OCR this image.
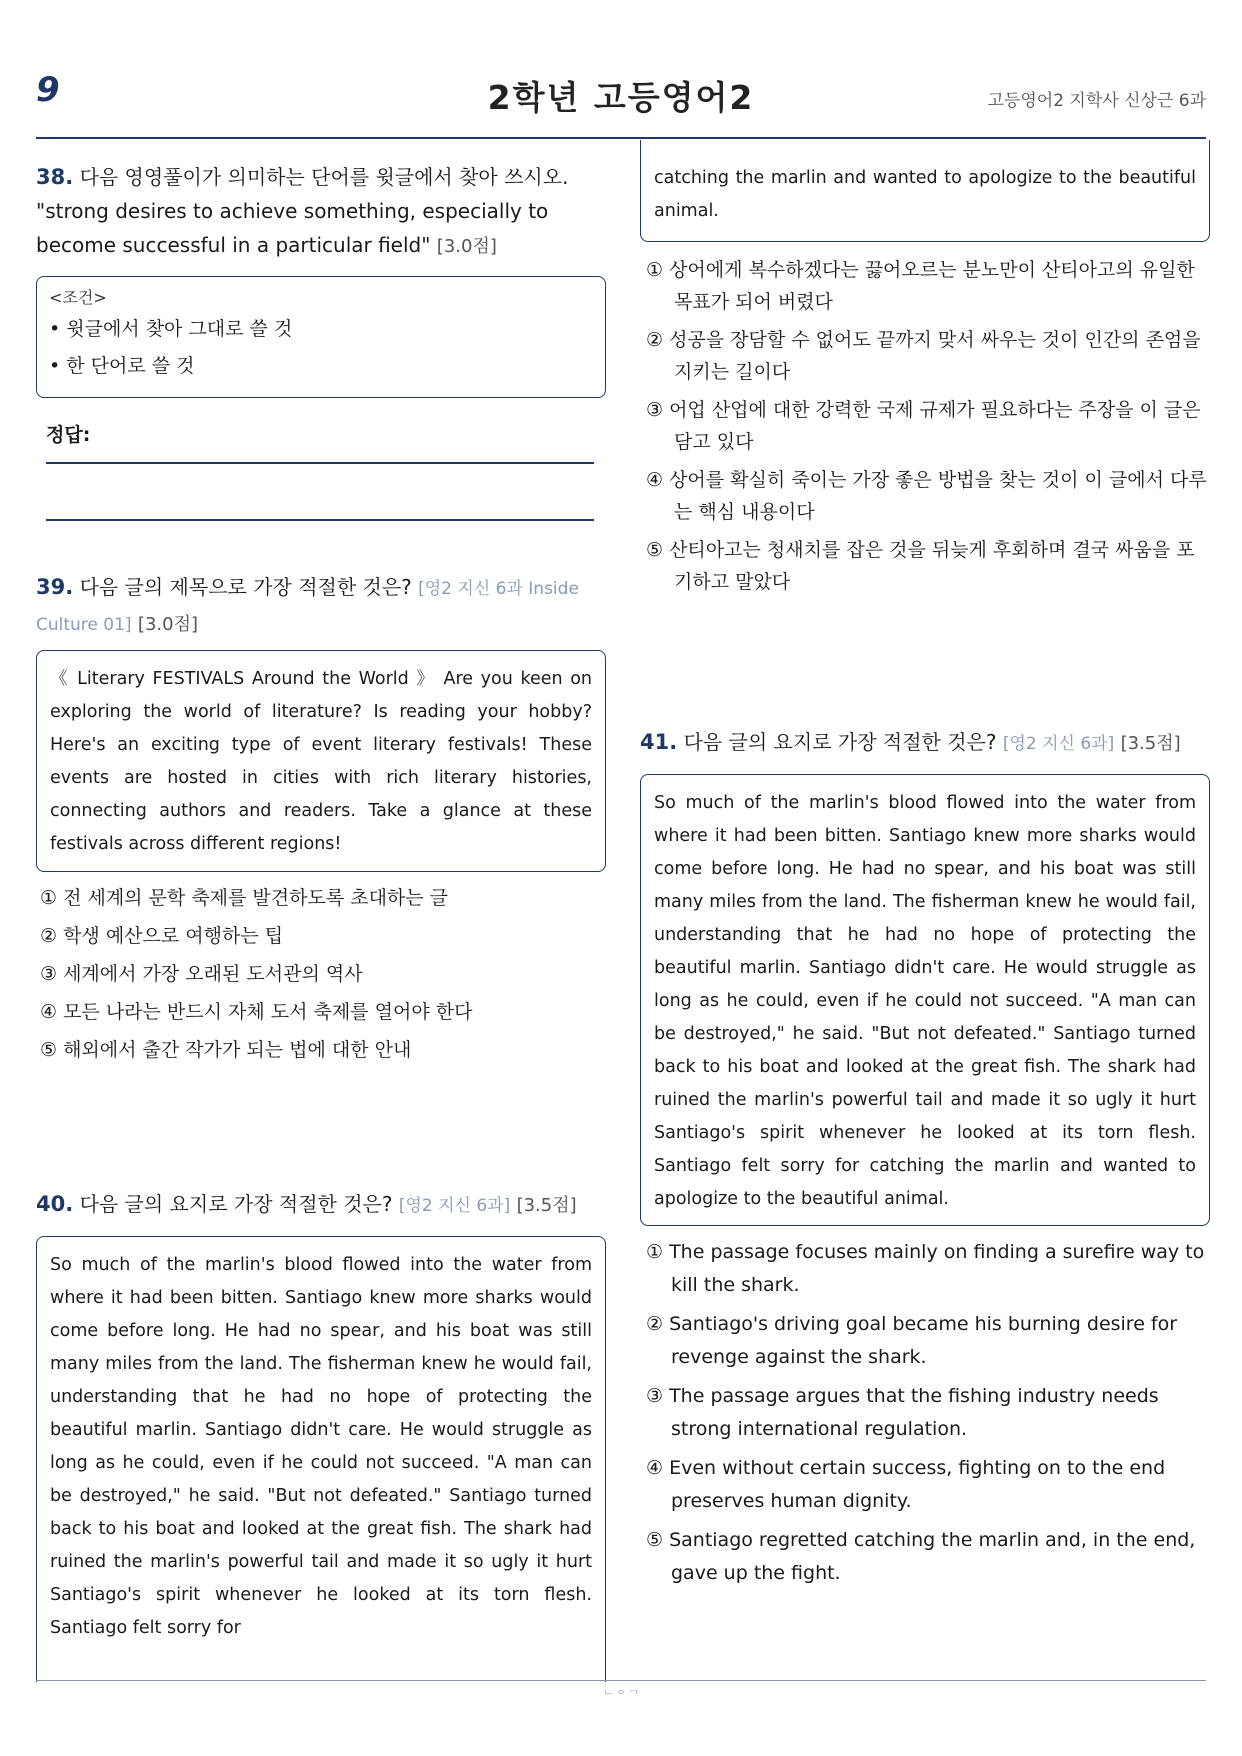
9	2학년 고등영어2	고등영어2 지학사 신상근 6과
38. 다음 영영풀이가 의미하는 단어를 윗글에서 찾아 쓰시오. "strong desires to achieve something, especially to become successful in a particular field" [3.0점]
<조건>
• 윗글에서 찾아 그대로 쓸 것
• 한 단어로 쓸 것
정답:
39. 다음 글의 제목으로 가장 적절한 것은? [영2 지신 6과 Inside Culture 01] [3.0점]
《 Literary FESTIVALS Around the World 》 Are you keen on exploring the world of literature? Is reading your hobby? Here's an exciting type of event literary festivals! These events are hosted in cities with rich literary histories, connecting authors and readers. Take a glance at these festivals across different regions!
① 전 세계의 문학 축제를 발견하도록 초대하는 글
② 학생 예산으로 여행하는 팁
③ 세계에서 가장 오래된 도서관의 역사
④ 모든 나라는 반드시 자체 도서 축제를 열어야 한다
⑤ 해외에서 출간 작가가 되는 법에 대한 안내
40. 다음 글의 요지로 가장 적절한 것은? [영2 지신 6과] [3.5점]
So much of the marlin's blood flowed into the water from where it had been bitten. Santiago knew more sharks would come before long. He had no spear, and his boat was still many miles from the land. The fisherman knew he would fail, understanding that he had no hope of protecting the beautiful marlin. Santiago didn't care. He would struggle as long as he could, even if he could not succeed. "A man can be destroyed," he said. "But not defeated." Santiago turned back to his boat and looked at the great fish. The shark had ruined the marlin's powerful tail and made it so ugly it hurt Santiago's spirit whenever he looked at its torn flesh. Santiago felt sorry for
catching the marlin and wanted to apologize to the beautiful animal.
① 상어에게 복수하겠다는 끓어오르는 분노만이 산티아고의 유일한 목표가 되어 버렸다
② 성공을 장담할 수 없어도 끝까지 맞서 싸우는 것이 인간의 존엄을 지키는 길이다
③ 어업 산업에 대한 강력한 국제 규제가 필요하다는 주장을 이 글은 담고 있다
④ 상어를 확실히 죽이는 가장 좋은 방법을 찾는 것이 이 글에서 다루는 핵심 내용이다
⑤ 산티아고는 청새치를 잡은 것을 뒤늦게 후회하며 결국 싸움을 포기하고 말았다
41. 다음 글의 요지로 가장 적절한 것은? [영2 지신 6과] [3.5점]
So much of the marlin's blood flowed into the water from where it had been bitten. Santiago knew more sharks would come before long. He had no spear, and his boat was still many miles from the land. The fisherman knew he would fail, understanding that he had no hope of protecting the beautiful marlin. Santiago didn't care. He would struggle as long as he could, even if he could not succeed. "A man can be destroyed," he said. "But not defeated." Santiago turned back to his boat and looked at the great fish. The shark had ruined the marlin's powerful tail and made it so ugly it hurt Santiago's spirit whenever he looked at its torn flesh. Santiago felt sorry for catching the marlin and wanted to apologize to the beautiful animal.
① The passage focuses mainly on finding a surefire way to kill the shark.
② Santiago's driving goal became his burning desire for revenge against the shark.
③ The passage argues that the fishing industry needs strong international regulation.
④ Even without certain success, fighting on to the end preserves human dignity.
⑤ Santiago regretted catching the marlin and, in the end, gave up the fight.
ᄂᄋᄀ
